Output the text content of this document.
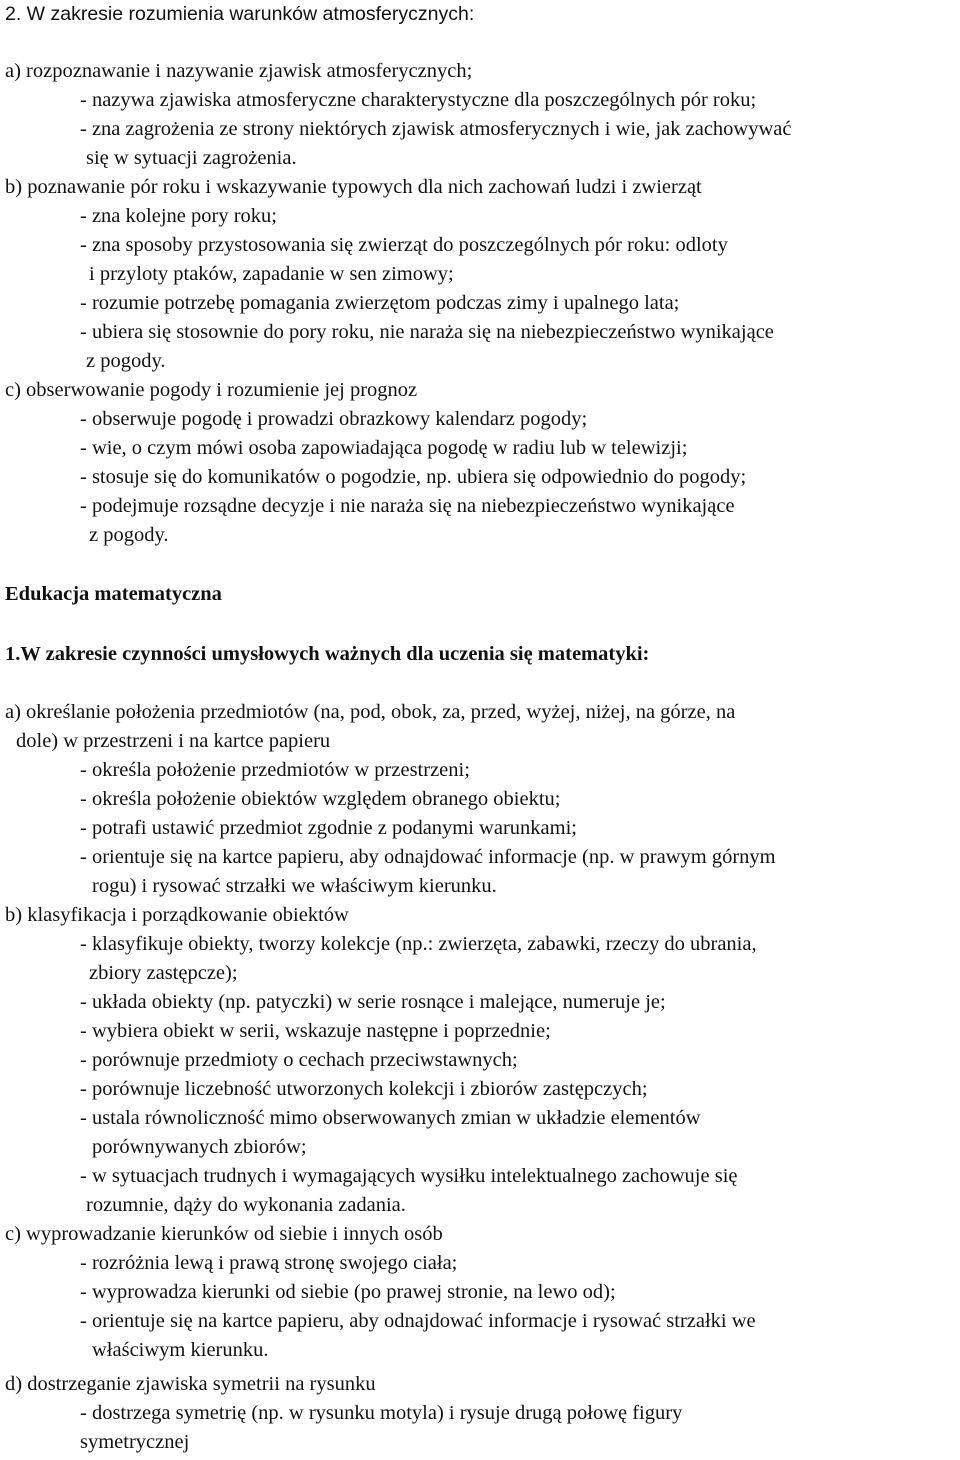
2. W zakresie rozumienia warunków atmosferycznych:
a) rozpoznawanie i nazywanie zjawisk atmosferycznych;
- nazywa zjawiska atmosferyczne charakterystyczne dla poszczególnych pór roku;
- zna zagrożenia ze strony niektórych zjawisk atmosferycznych i wie, jak zachowywać
się w sytuacji zagrożenia.
b) poznawanie pór roku i wskazywanie typowych dla nich zachowań ludzi i zwierząt
- zna kolejne pory roku;
- zna sposoby przystosowania się zwierząt do poszczególnych pór roku: odloty
i przyloty ptaków, zapadanie w sen zimowy;
- rozumie potrzebę pomagania zwierzętom podczas zimy i upalnego lata;
- ubiera się stosownie do pory roku, nie naraża się na niebezpieczeństwo wynikające
z pogody.
c) obserwowanie pogody i rozumienie jej prognoz
- obserwuje pogodę i prowadzi obrazkowy kalendarz pogody;
- wie, o czym mówi osoba zapowiadająca pogodę w radiu lub w telewizji;
- stosuje się do komunikatów o pogodzie, np. ubiera się odpowiednio do pogody;
- podejmuje rozsądne decyzje i nie naraża się na niebezpieczeństwo wynikające
z pogody.
Edukacja matematyczna
1.W zakresie czynności umysłowych ważnych dla uczenia się matematyki:
a) określanie położenia przedmiotów (na, pod, obok, za, przed, wyżej, niżej, na górze, na
dole) w przestrzeni i na kartce papieru
- określa położenie przedmiotów w przestrzeni;
- określa położenie obiektów względem obranego obiektu;
- potrafi ustawić przedmiot zgodnie z podanymi warunkami;
- orientuje się na kartce papieru, aby odnajdować informacje (np. w prawym górnym
rogu) i rysować strzałki we właściwym kierunku.
b) klasyfikacja i porządkowanie obiektów
- klasyfikuje obiekty, tworzy kolekcje (np.: zwierzęta, zabawki, rzeczy do ubrania,
zbiory zastępcze);
- układa obiekty (np. patyczki) w serie rosnące i malejące, numeruje je;
- wybiera obiekt w serii, wskazuje następne i poprzednie;
- porównuje przedmioty o cechach przeciwstawnych;
- porównuje liczebność utworzonych kolekcji i zbiorów zastępczych;
- ustala równoliczność mimo obserwowanych zmian w układzie elementów
porównywanych zbiorów;
- w sytuacjach trudnych i wymagających wysiłku intelektualnego zachowuje się
rozumnie, dąży do wykonania zadania.
c) wyprowadzanie kierunków od siebie i innych osób
- rozróżnia lewą i prawą stronę swojego ciała;
- wyprowadza kierunki od siebie (po prawej stronie, na lewo od);
- orientuje się na kartce papieru, aby odnajdować informacje i rysować strzałki we
właściwym kierunku.
d) dostrzeganie zjawiska symetrii na rysunku
- dostrzega symetrię (np. w rysunku motyla) i rysuje drugą połowę figury
symetrycznej
